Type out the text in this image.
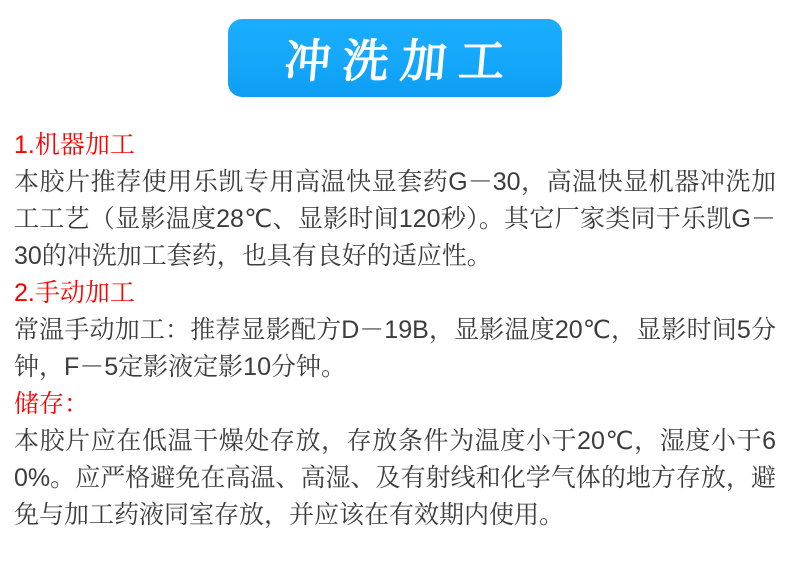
冲洗加工
1.机器加工

本胶片推荐使用乐凯专用高温快显套药G－30，高温快显机器冲洗加工工艺（显影温度28℃、显影时间120秒）。其它厂家类同于乐凯G－30的冲洗加工套药，也具有良好的适应性。

2.手动加工

常温手动加工：推荐显影配方D－19B，显影温度20℃，显影时间5分钟，F－5定影液定影10分钟。

储存：

本胶片应在低温干燥处存放，存放条件为温度小于20℃，湿度小于60%。应严格避免在高温、高湿、及有射线和化学气体的地方存放，避免与加工药液同室存放，并应该在有效期内使用。
